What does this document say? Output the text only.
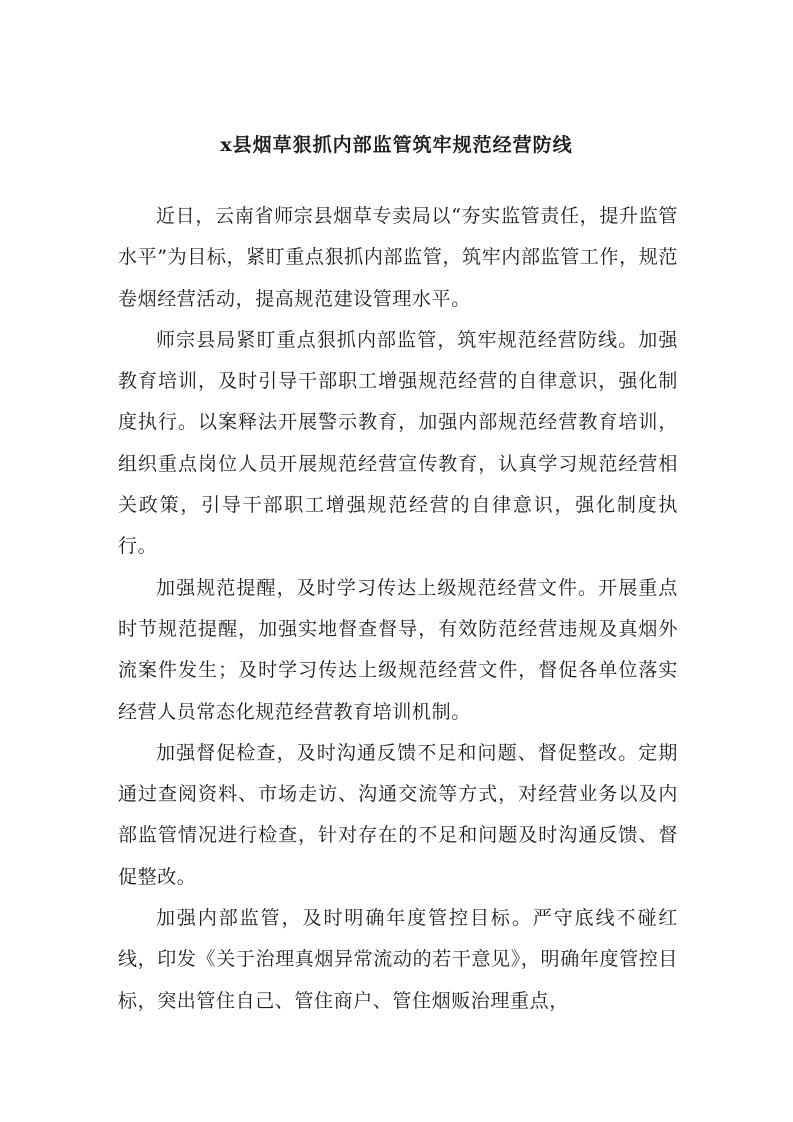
x县烟草狠抓内部监管筑牢规范经营防线

近日，云南省师宗县烟草专卖局以“夯实监管责任，提升监管水平”为目标，紧盯重点狠抓内部监管，筑牢内部监管工作，规范卷烟经营活动，提高规范建设管理水平。

师宗县局紧盯重点狠抓内部监管，筑牢规范经营防线。加强教育培训，及时引导干部职工增强规范经营的自律意识，强化制度执行。以案释法开展警示教育，加强内部规范经营教育培训，组织重点岗位人员开展规范经营宣传教育，认真学习规范经营相关政策，引导干部职工增强规范经营的自律意识，强化制度执行。

加强规范提醒，及时学习传达上级规范经营文件。开展重点时节规范提醒，加强实地督查督导，有效防范经营违规及真烟外流案件发生；及时学习传达上级规范经营文件，督促各单位落实经营人员常态化规范经营教育培训机制。

加强督促检查，及时沟通反馈不足和问题、督促整改。定期通过查阅资料、市场走访、沟通交流等方式，对经营业务以及内部监管情况进行检查，针对存在的不足和问题及时沟通反馈、督促整改。

加强内部监管，及时明确年度管控目标。严守底线不碰红线，印发《关于治理真烟异常流动的若干意见》，明确年度管控目标，突出管住自己、管住商户、管住烟贩治理重点，
